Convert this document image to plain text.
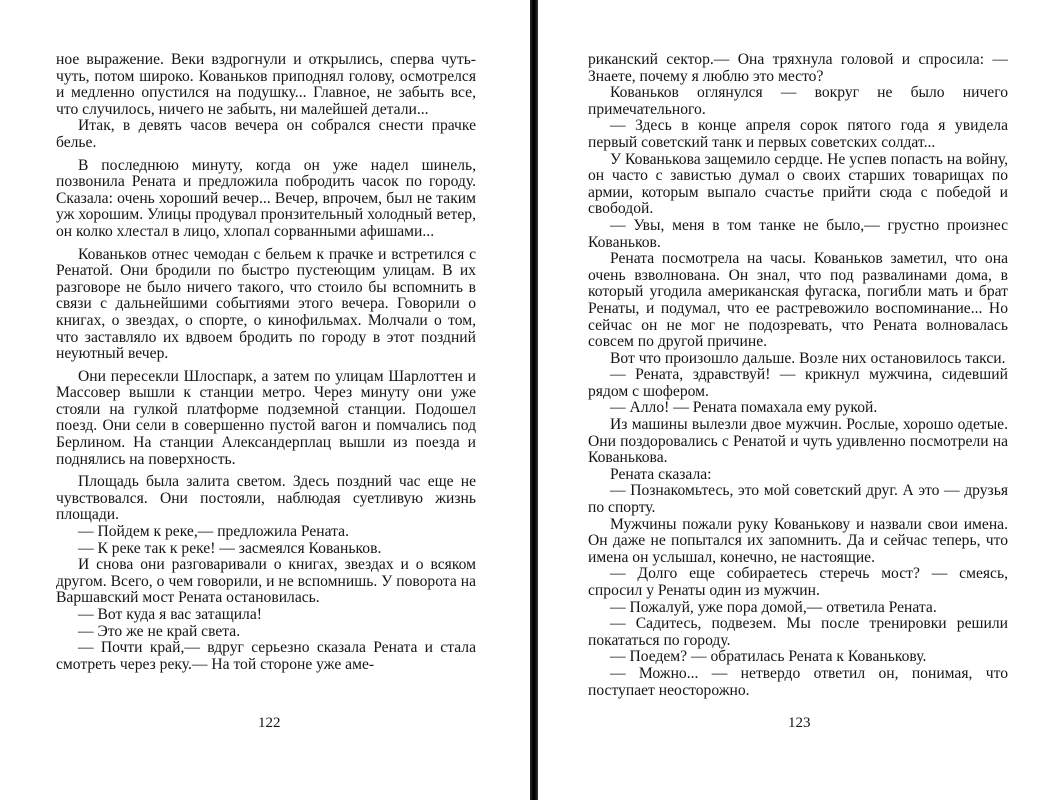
ное выражение. Веки вздрогнули и открылись, сперва чуть-чуть, потом широко. Кованьков приподнял голову, осмотрелся и медленно опустился на подушку... Главное, не забыть все, что случилось, ничего не забыть, ни малейшей детали...

Итак, в девять часов вечера он собрался снести прачке белье.

В последнюю минуту, когда он уже надел шинель, позвонила Рената и предложила побродить часок по городу. Сказала: очень хороший вечер... Вечер, впрочем, был не таким уж хорошим. Улицы продувал пронзительный холодный ветер, он колко хлестал в лицо, хлопал сорванными афишами...

Кованьков отнес чемодан с бельем к прачке и встретился с Ренатой. Они бродили по быстро пустеющим улицам. В их разговоре не было ничего такого, что стоило бы вспомнить в связи с дальнейшими событиями этого вечера. Говорили о книгах, о звездах, о спорте, о кинофильмах. Молчали о том, что заставляло их вдвоем бродить по городу в этот поздний неуютный вечер.

Они пересекли Шлоспарк, а затем по улицам Шарлоттен и Массовер вышли к станции метро. Через минуту они уже стояли на гулкой платформе подземной станции. Подошел поезд. Они сели в совершенно пустой вагон и помчались под Берлином. На станции Александерплац вышли из поезда и поднялись на поверхность.

Площадь была залита светом. Здесь поздний час еще не чувствовался. Они постояли, наблюдая суетливую жизнь площади.

— Пойдем к реке,— предложила Рената.

— К реке так к реке! — засмеялся Кованьков.

И снова они разговаривали о книгах, звездах и о всяком другом. Всего, о чем говорили, и не вспомнишь. У поворота на Варшавский мост Рената остановилась.

— Вот куда я вас затащила!

— Это же не край света.

— Почти край,— вдруг серьезно сказала Рената и стала смотреть через реку.— На той стороне уже аме-

122

риканский сектор.— Она тряхнула головой и спросила: — Знаете, почему я люблю это место?

Кованьков оглянулся — вокруг не было ничего примечательного.

— Здесь в конце апреля сорок пятого года я увидела первый советский танк и первых советских солдат...

У Кованькова защемило сердце. Не успев попасть на войну, он часто с завистью думал о своих старших товарищах по армии, которым выпало счастье прийти сюда с победой и свободой.

— Увы, меня в том танке не было,— грустно произнес Кованьков.

Рената посмотрела на часы. Кованьков заметил, что она очень взволнована. Он знал, что под развалинами дома, в который угодила американская фугаска, погибли мать и брат Ренаты, и подумал, что ее растревожило воспоминание... Но сейчас он не мог не подозревать, что Рената волновалась совсем по другой причине.

Вот что произошло дальше. Возле них остановилось такси.

— Рената, здравствуй! — крикнул мужчина, сидевший рядом с шофером.

— Алло! — Рената помахала ему рукой.

Из машины вылезли двое мужчин. Рослые, хорошо одетые. Они поздоровались с Ренатой и чуть удивленно посмотрели на Кованькова.

Рената сказала:

— Познакомьтесь, это мой советский друг. А это — друзья по спорту.

Мужчины пожали руку Кованькову и назвали свои имена. Он даже не попытался их запомнить. Да и сейчас теперь, что имена он услышал, конечно, не настоящие.

— Долго еще собираетесь стеречь мост? — смеясь, спросил у Ренаты один из мужчин.

— Пожалуй, уже пора домой,— ответила Рената.

— Садитесь, подвезем. Мы после тренировки решили покататься по городу.

— Поедем? — обратилась Рената к Кованькову.

— Можно... — нетвердо ответил он, понимая, что поступает неосторожно.

123
